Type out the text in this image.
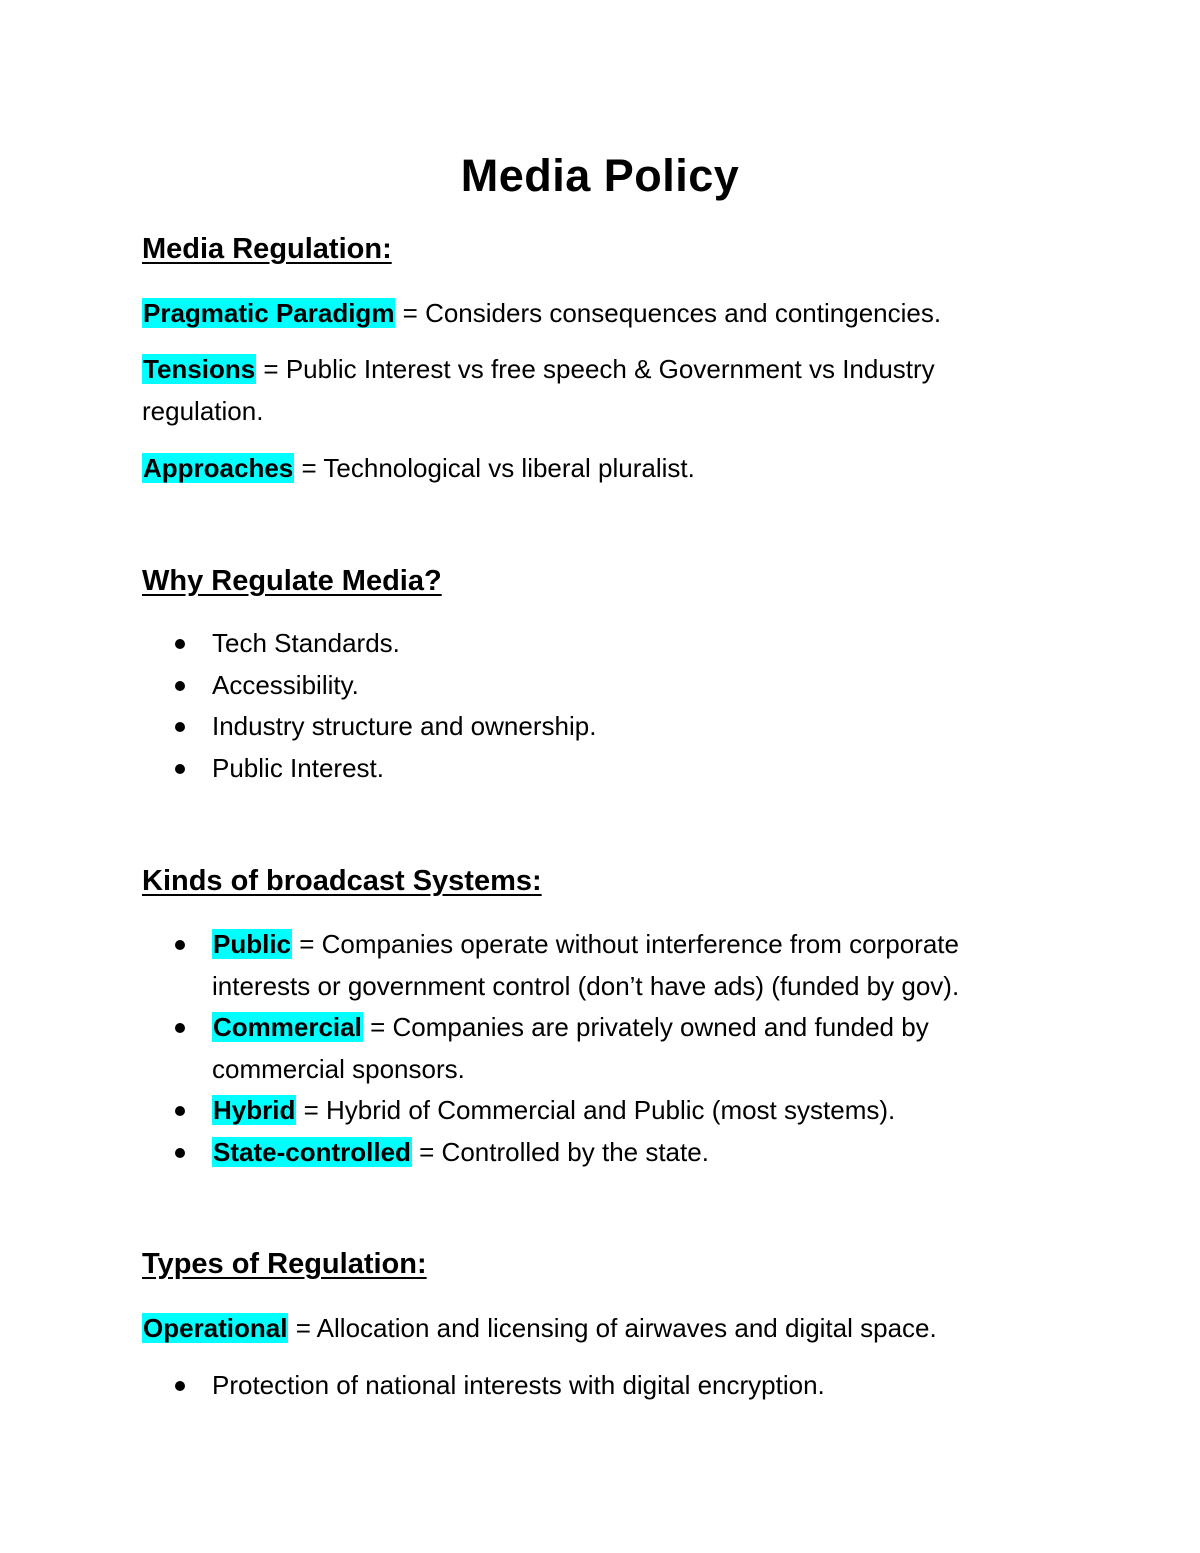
Media Policy
Media Regulation:

Pragmatic Paradigm = Considers consequences and contingencies.

Tensions = Public Interest vs free speech & Government vs Industry regulation.

Approaches = Technological vs liberal pluralist.

Why Regulate Media?
Tech Standards.
Accessibility.
Industry structure and ownership.
Public Interest.
Kinds of broadcast Systems:
Public = Companies operate without interference from corporate interests or government control (don’t have ads) (funded by gov).
Commercial = Companies are privately owned and funded by commercial sponsors.
Hybrid = Hybrid of Commercial and Public (most systems).
State-controlled = Controlled by the state.
Types of Regulation:

Operational = Allocation and licensing of airwaves and digital space.

Protection of national interests with digital encryption.
